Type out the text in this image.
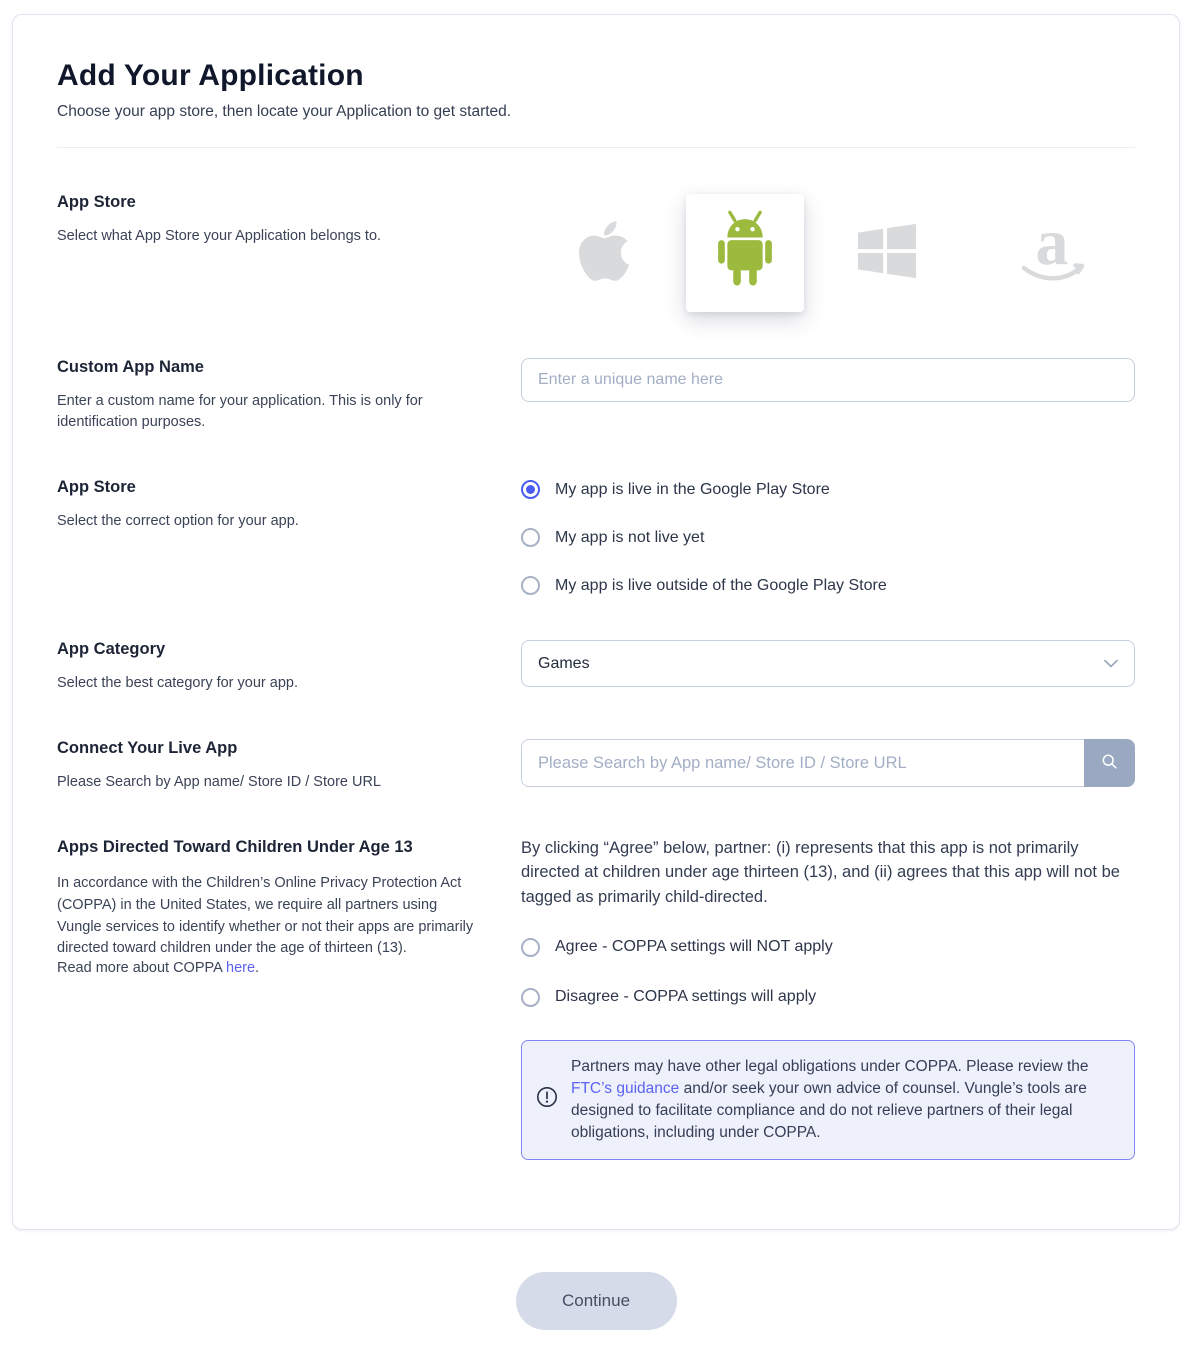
Add Your Application
Choose your app store, then locate your Application to get started.
App Store
Select what App Store your Application belongs to.	a
Custom App Name
Enter a custom name for your application. This is only for identification purposes.
Enter a unique name here
App Store
Select the correct option for your app.
My app is live in the Google Play Store
My app is not live yet
My app is live outside of the Google Play Store
App Category
Select the best category for your app.
Games
Connect Your Live App
Please Search by App name/ Store ID / Store URL
Please Search by App name/ Store ID / Store URL
Apps Directed Toward Children Under Age 13
In accordance with the Children’s Online Privacy Protection Act (COPPA) in the United States, we require all partners using Vungle services to identify whether or not their apps are primarily directed toward children under the age of thirteen (13).
Read more about COPPA here.
By clicking “Agree” below, partner: (i) represents that this app is not primarily directed at children under age thirteen (13), and (ii) agrees that this app will not be tagged as primarily child-directed.
Agree - COPPA settings will NOT apply
Disagree - COPPA settings will apply
Partners may have other legal obligations under COPPA. Please review the FTC’s guidance and/or seek your own advice of counsel. Vungle’s tools are designed to facilitate compliance and do not relieve partners of their legal obligations, including under COPPA.
Continue
